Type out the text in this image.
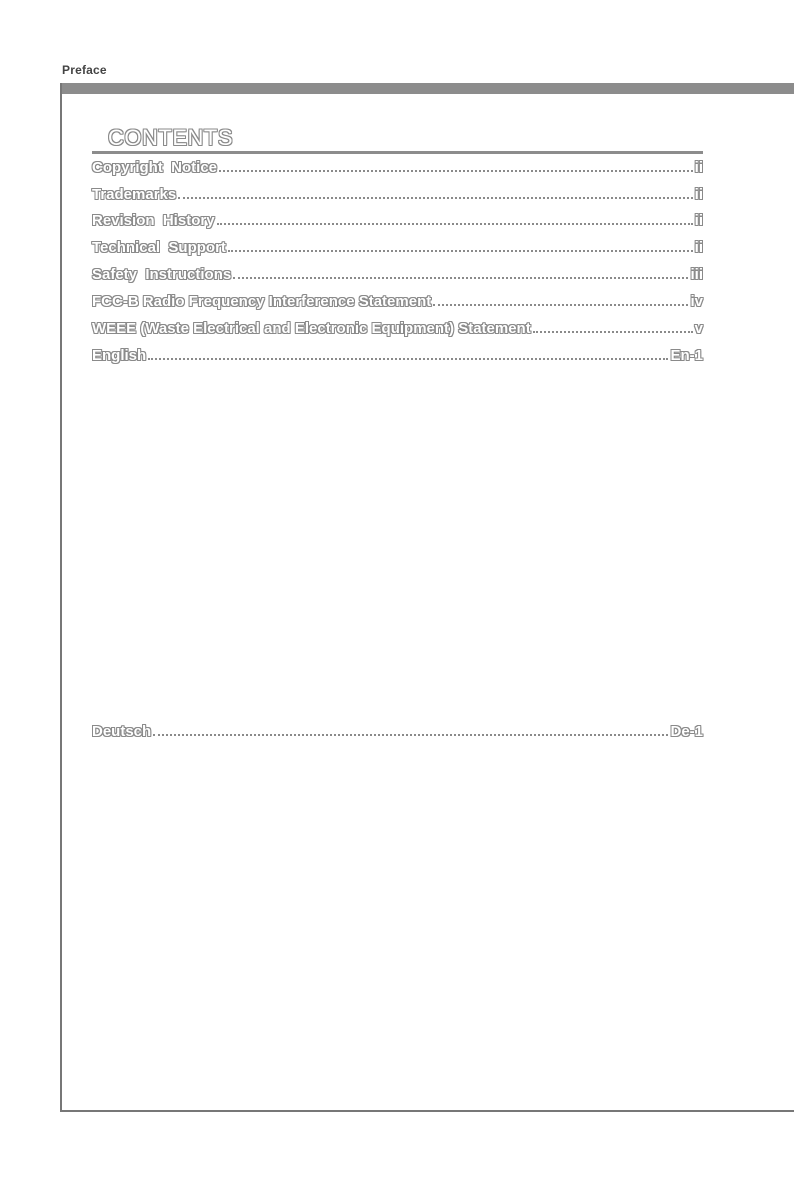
Preface
CONTENTS
Copyright  Notice	ii
Trademarks	ii
Revision  History	ii
Technical  Support	ii
Safety  Instructions	iii
FCC-B Radio Frequency Interference Statement	iv
WEEE (Waste Electrical and Electronic Equipment) Statement	v
English	En-1
Deutsch	De-1
